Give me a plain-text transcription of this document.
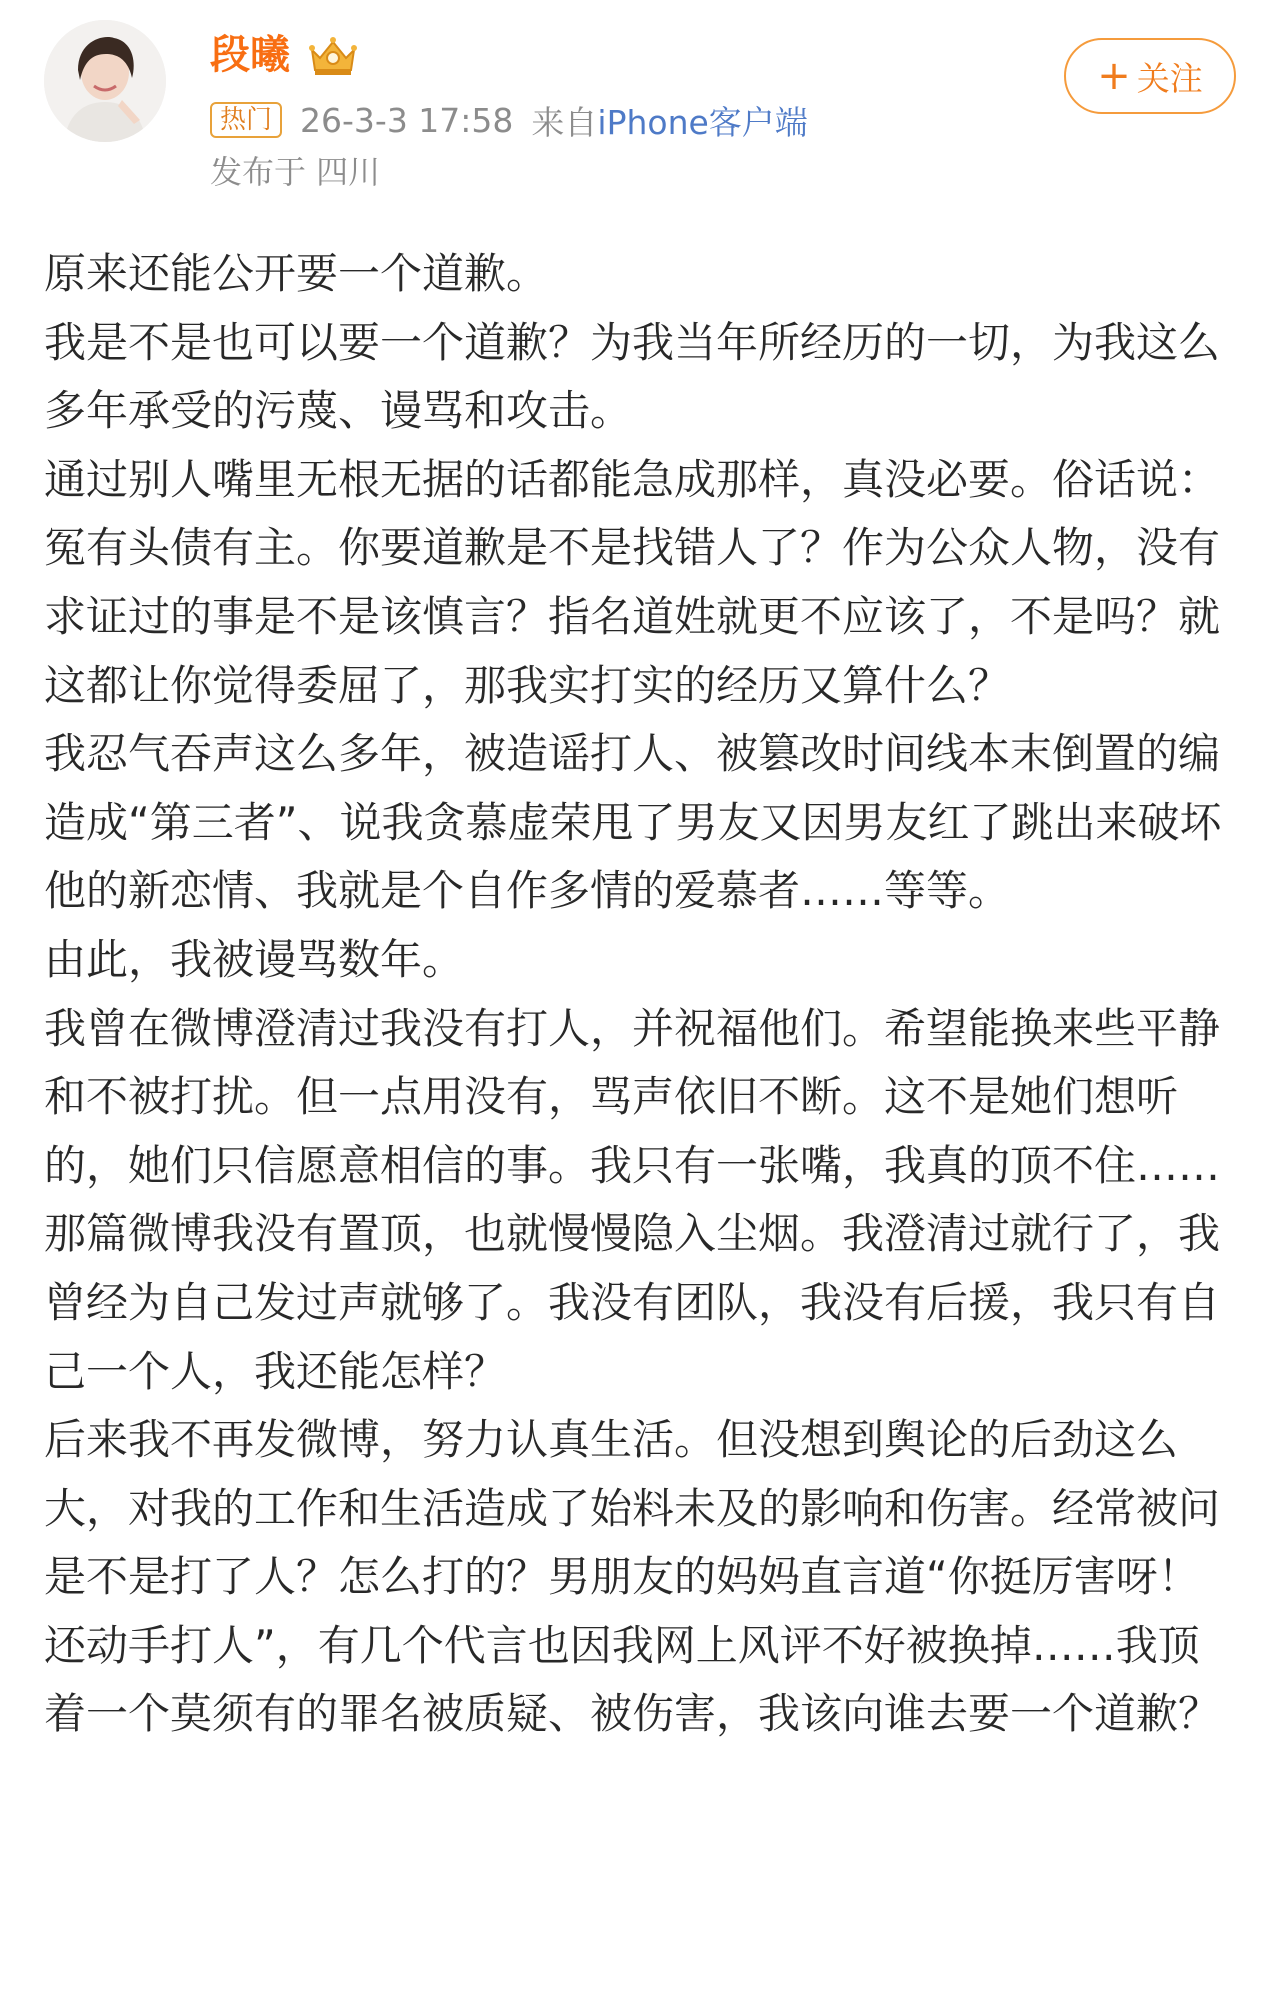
段曦
热门 26-3-3 17:58 来自 iPhone客户端
发布于 四川
+ 关注

原来还能公开要一个道歉。

我是不是也可以要一个道歉？为我当年所经历的一切，为我这么多年承受的污蔑、谩骂和攻击。

通过别人嘴里无根无据的话都能急成那样，真没必要。俗话说：冤有头债有主。你要道歉是不是找错人了？作为公众人物，没有求证过的事是不是该慎言？指名道姓就更不应该了，不是吗？就这都让你觉得委屈了，那我实打实的经历又算什么？

我忍气吞声这么多年，被造谣打人、被篡改时间线本末倒置的编造成“第三者”、说我贪慕虚荣甩了男友又因男友红了跳出来破坏他的新恋情、我就是个自作多情的爱慕者……等等。

由此，我被谩骂数年。

我曾在微博澄清过我没有打人，并祝福他们。希望能换来些平静和不被打扰。但一点用没有，骂声依旧不断。这不是她们想听的，她们只信愿意相信的事。我只有一张嘴，我真的顶不住……

那篇微博我没有置顶，也就慢慢隐入尘烟。我澄清过就行了，我曾经为自己发过声就够了。我没有团队，我没有后援，我只有自己一个人，我还能怎样？

后来我不再发微博，努力认真生活。但没想到舆论的后劲这么大，对我的工作和生活造成了始料未及的影响和伤害。经常被问是不是打了人？怎么打的？男朋友的妈妈直言道“你挺厉害呀！还动手打人”，有几个代言也因我网上风评不好被换掉……我顶着一个莫须有的罪名被质疑、被伤害，我该向谁去要一个道歉？
